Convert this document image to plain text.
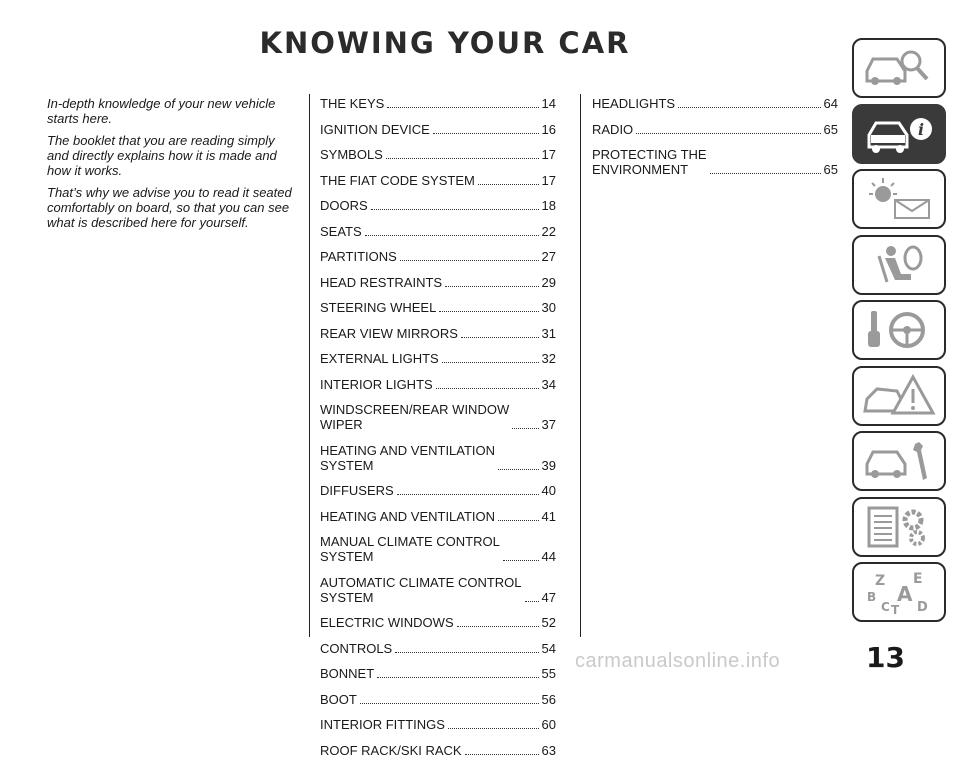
KNOWING YOUR CAR

In-depth knowledge of your new vehicle starts here.

The booklet that you are reading simply and directly explains how it is made and how it works.

That’s why we advise you to read it seated comfortably on board, so that you can see what is described here for yourself.

THE KEYS	14
IGNITION DEVICE	16
SYMBOLS	17
THE FIAT CODE SYSTEM	17
DOORS	18
SEATS	22
PARTITIONS	27
HEAD RESTRAINTS	29
STEERING WHEEL	30
REAR VIEW MIRRORS	31
EXTERNAL LIGHTS	32
INTERIOR LIGHTS	34
WINDSCREEN/REAR WINDOW
WIPER	37
HEATING AND VENTILATION
SYSTEM	39
DIFFUSERS	40
HEATING AND VENTILATION	41
MANUAL CLIMATE CONTROL
SYSTEM	44
AUTOMATIC CLIMATE CONTROL
SYSTEM	47
ELECTRIC WINDOWS	52
CONTROLS	54
BONNET	55
BOOT	56
INTERIOR FITTINGS	60
ROOF RACK/SKI RACK	63
HEADLIGHTS	64
RADIO	65
PROTECTING THE
ENVIRONMENT	65
i
Z E
A
B
C T D
carmanualsonline.info	13
